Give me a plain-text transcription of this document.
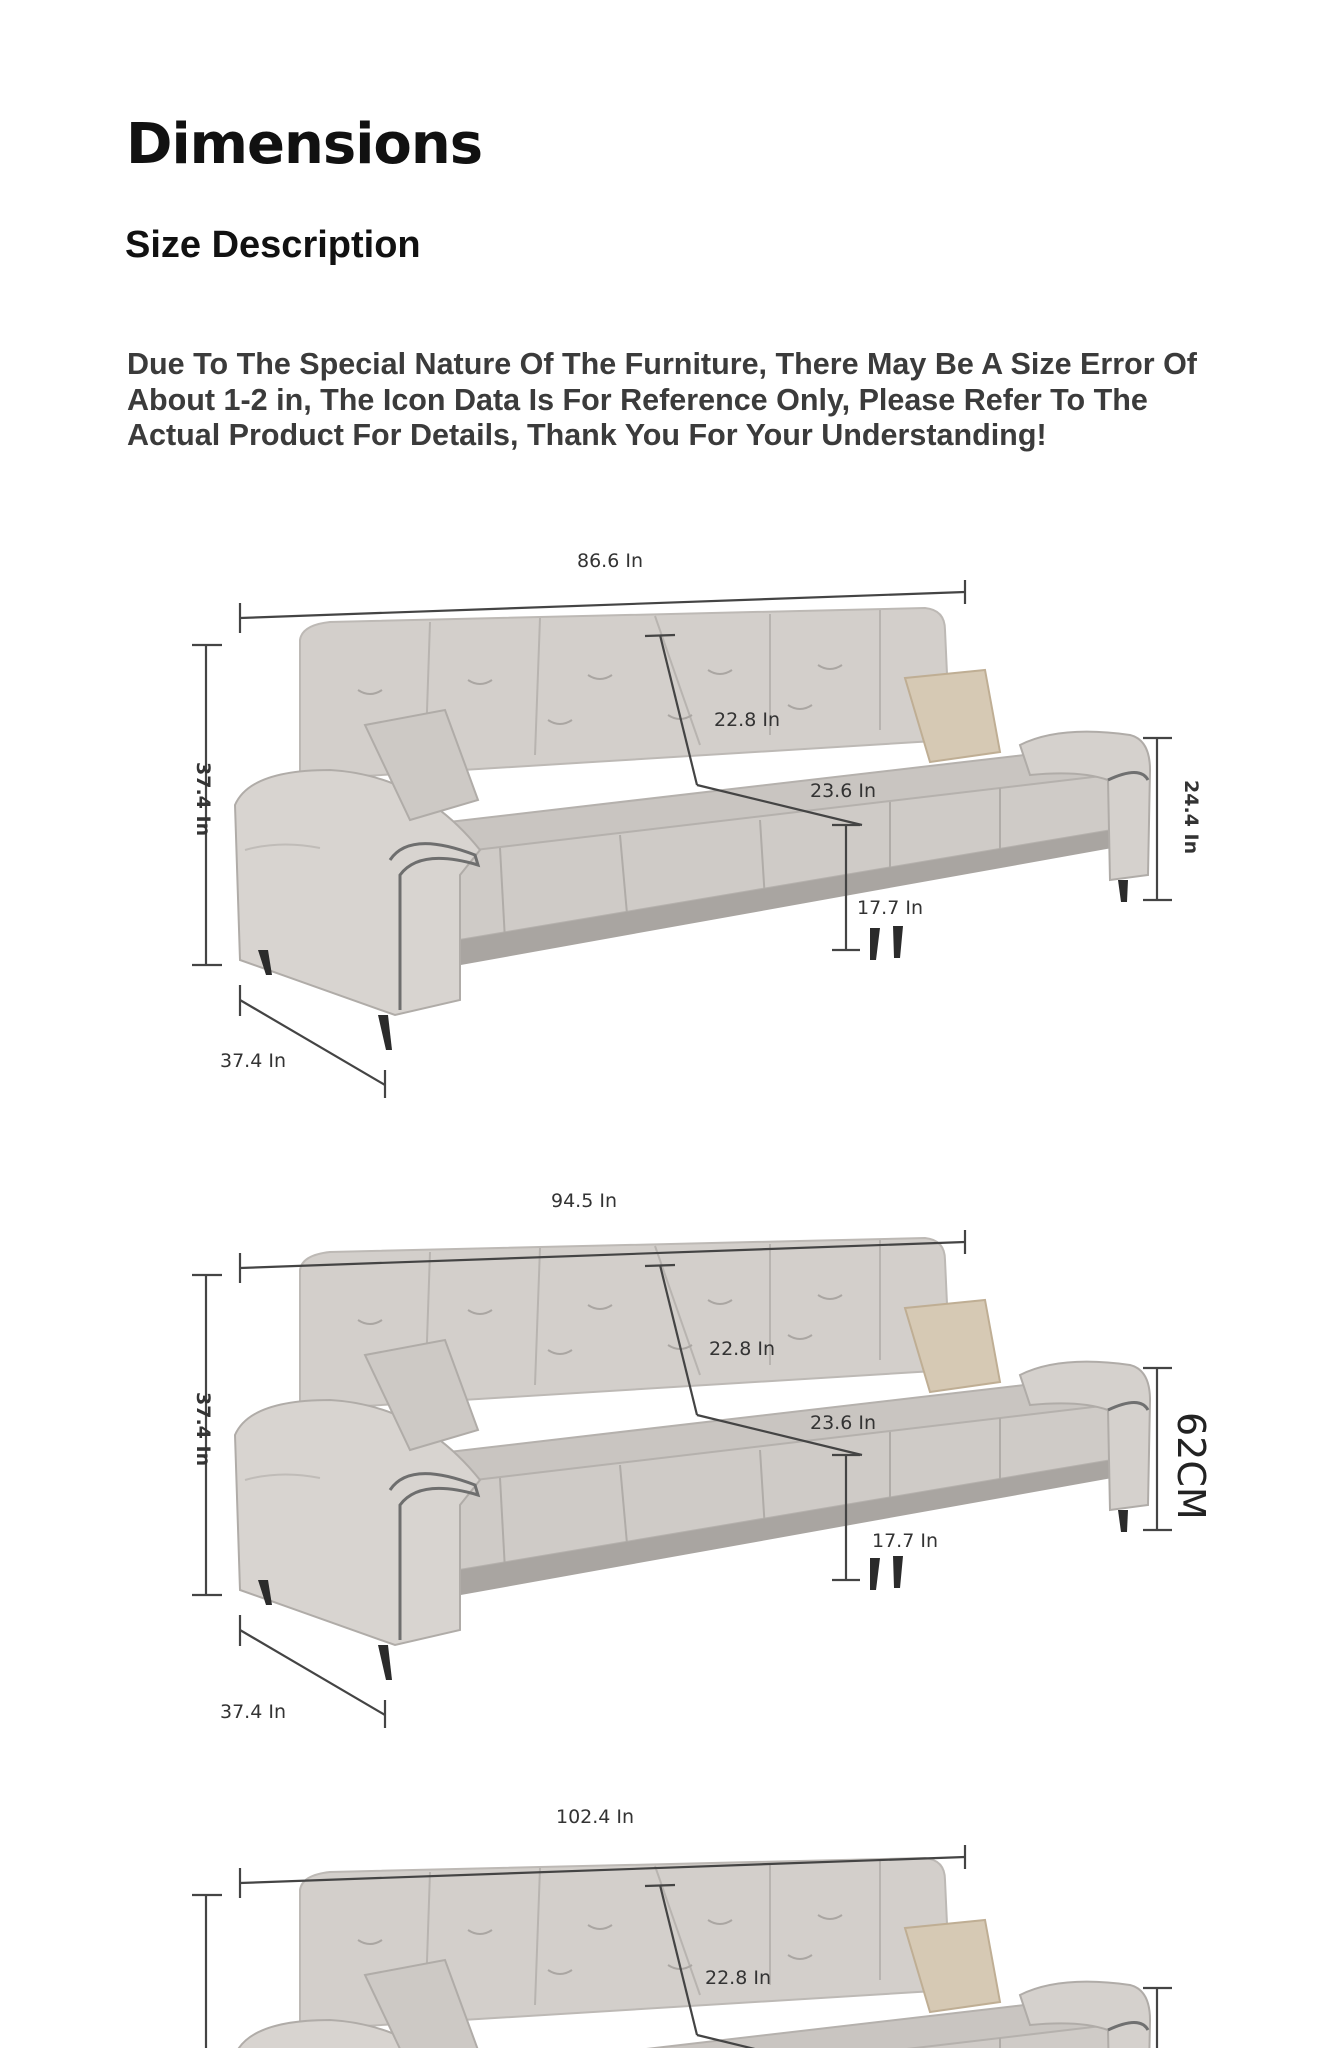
Dimensions
Size Description

Due To The Special Nature Of The Furniture, There May Be A Size Error Of About 1-2 in, The Icon Data Is For Reference Only, Please Refer To The Actual Product For Details, Thank You For Your Understanding!

86.6 In
22.8 In
23.6 In
17.7 In
37.4 In
37.4 In	24.4 In
94.5 In
22.8 In
23.6 In
17.7 In
37.4 In
37.4 In	62CM
102.4 In
22.8 In
